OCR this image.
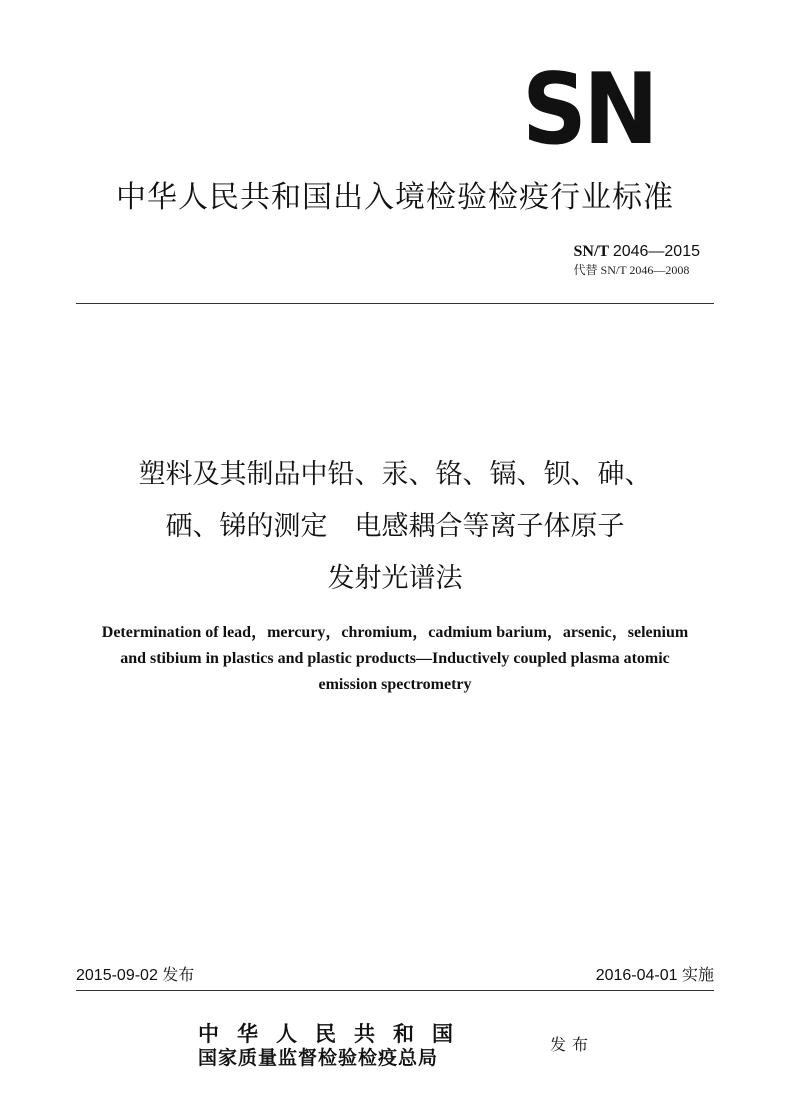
SN
中华人民共和国出入境检验检疫行业标准
SN/T 2046—2015
代替 SN/T 2046—2008
塑料及其制品中铅、汞、铬、镉、钡、砷、
硒、锑的测定　电感耦合等离子体原子
发射光谱法
Determination of lead，mercury，chromium，cadmium barium，arsenic，selenium
and stibium in plastics and plastic products—Inductively coupled plasma atomic
emission spectrometry
2015-09-02 发布	2016-04-01 实施
中华人民共和国
国家质量监督检验检疫总局
发布
